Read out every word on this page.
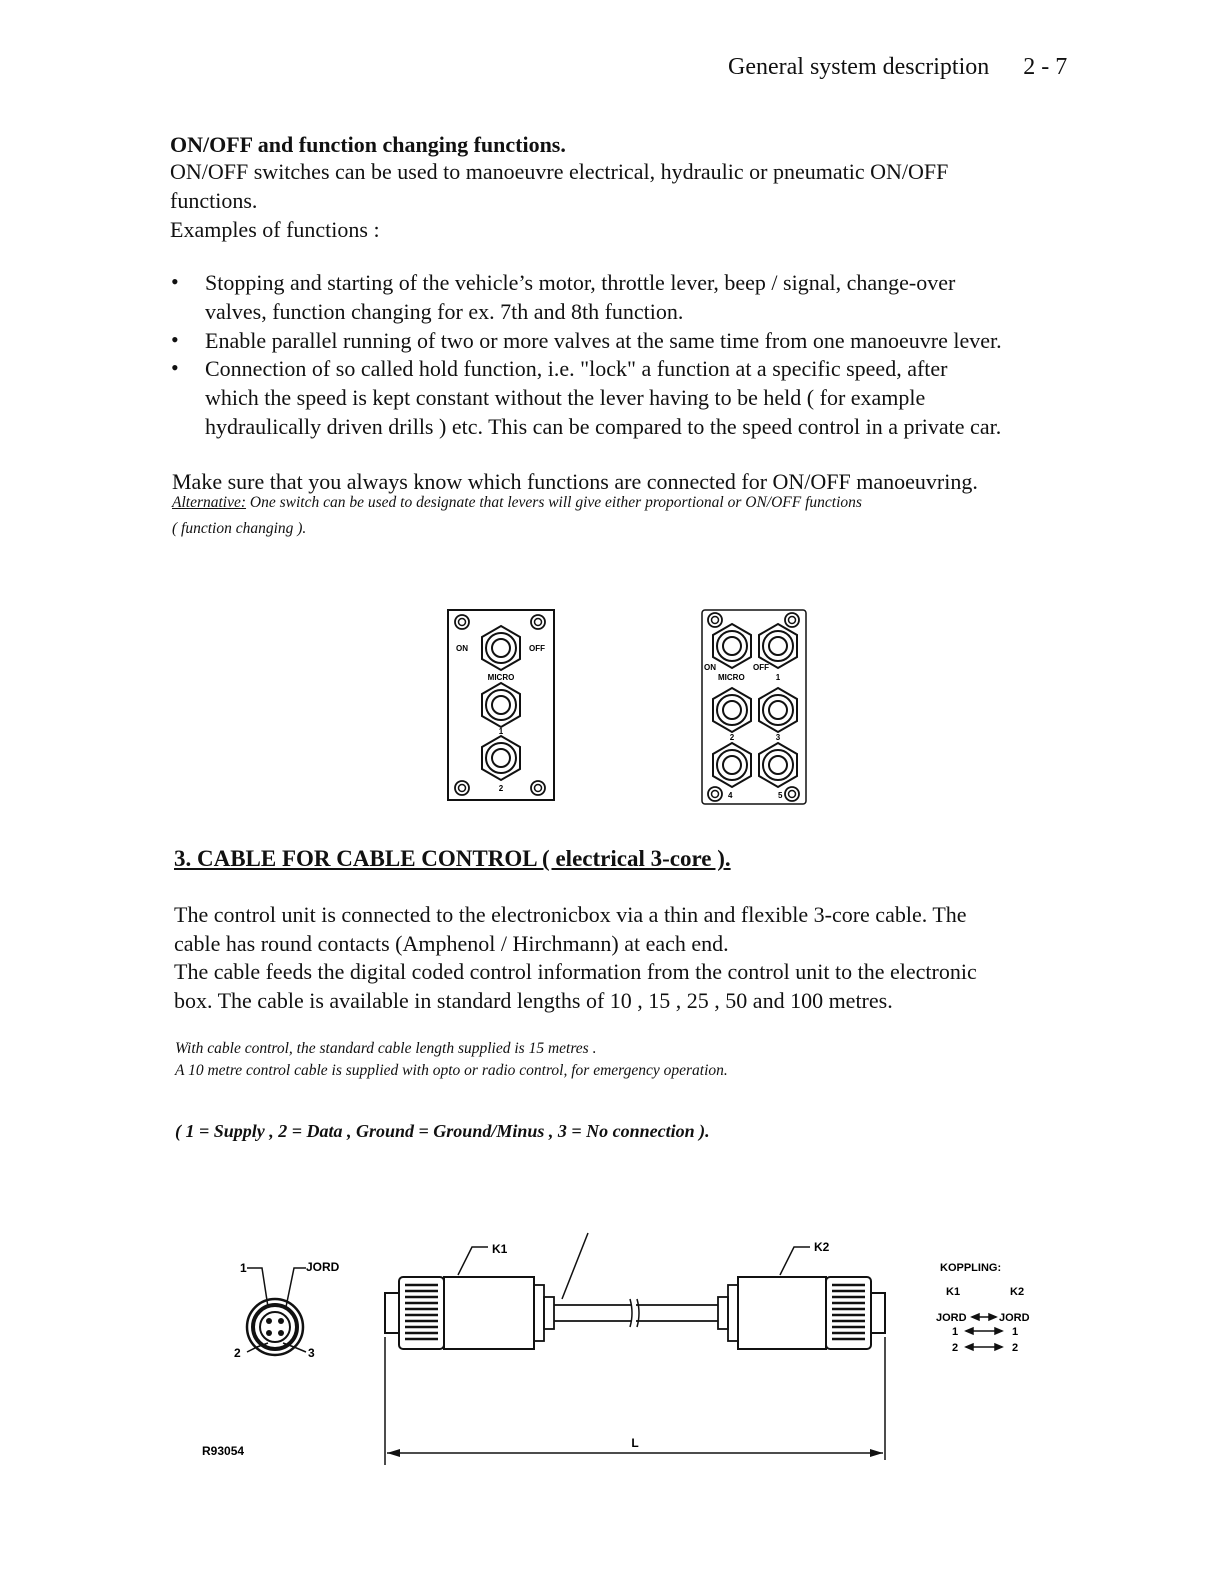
General system description 2 - 7
ON/OFF and function changing functions.
ON/OFF switches can be used to manoeuvre electrical, hydraulic or pneumatic ON/OFF
functions.
Examples of functions :
• Stopping and starting of the vehicle’s motor, throttle lever, beep / signal, change-over
valves, function changing for ex. 7th and 8th function.
• Enable parallel running of two or more valves at the same time from one manoeuvre lever.
• Connection of so called hold function, i.e. "lock" a function at a specific speed, after
which the speed is kept constant without the lever having to be held ( for example
hydraulically driven drills ) etc. This can be compared to the speed control in a private car.
Make sure that you always know which functions are connected for ON/OFF manoeuvring.
Alternative: One switch can be used to designate that levers will give either proportional or ON/OFF functions
( function changing ).
ON	OFF
MICRO
1
2
ON	OFF
MICRO	1
2	3
4	5
3. CABLE FOR CABLE CONTROL ( electrical 3-core ).
The control unit is connected to the electronicbox via a thin and flexible 3-core cable. The
cable has round contacts (Amphenol / Hirchmann) at each end.
The cable feeds the digital coded control information from the control unit to the electronic
box. The cable is available in standard lengths of 10 , 15 , 25 , 50 and 100 metres.
With cable control, the standard cable length supplied is 15 metres .
A 10 metre control cable is supplied with opto or radio control, for emergency operation.
( 1 = Supply , 2 = Data , Ground = Ground/Minus , 3 = No connection ).
1	JORD
2	3
K1	K2
L
R93054
KOPPLING:
K1	K2
JORD	JORD
1	1
2	2
